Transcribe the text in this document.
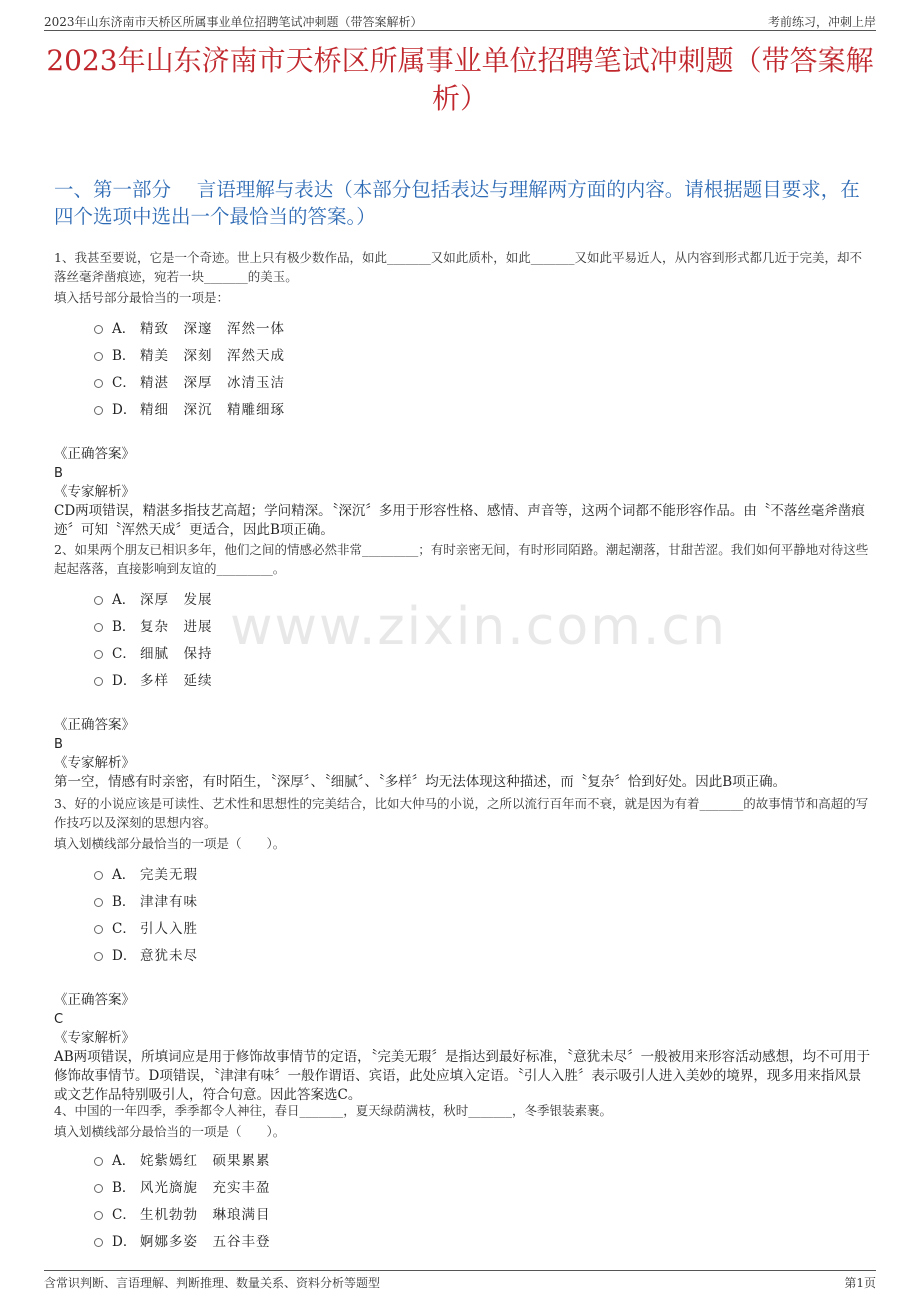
2023年山东济南市天桥区所属事业单位招聘笔试冲刺题（带答案解析）	考前练习，冲刺上岸
2023年山东济南市天桥区所属事业单位招聘笔试冲刺题（带答案解析）
一、第一部分　 言语理解与表达（本部分包括表达与理解两方面的内容。请根据题目要求，在四个选项中选出一个最恰当的答案。）
www.zixin.com.cn
1、我甚至要说，它是一个奇迹。世上只有极少数作品，如此_______又如此质朴，如此_______又如此平易近人，从内容到形式都几近于完美，却不落丝毫斧凿痕迹，宛若一块_______的美玉。
填入括号部分最恰当的一项是：
A． 精致　深邃　浑然一体
B． 精美　深刻　浑然天成
C． 精湛　深厚　冰清玉洁
D． 精细　深沉　精雕细琢
《正确答案》
B
《专家解析》
CD两项错误，精湛多指技艺高超；学问精深。〝深沉〞多用于形容性格、感情、声音等，这两个词都不能形容作品。由〝不落丝毫斧凿痕迹〞可知〝浑然天成〞更适合，因此B项正确。
2、如果两个朋友已相识多年，他们之间的情感必然非常_________；有时亲密无间，有时形同陌路。潮起潮落，甘甜苦涩。我们如何平静地对待这些起起落落，直接影响到友谊的_________。
A． 深厚　发展
B． 复杂　进展
C． 细腻　保持
D． 多样　延续
《正确答案》
B
《专家解析》
第一空，情感有时亲密，有时陌生，〝深厚〞、〝细腻〞、〝多样〞均无法体现这种描述，而〝复杂〞恰到好处。因此B项正确。
3、好的小说应该是可读性、艺术性和思想性的完美结合，比如大仲马的小说，之所以流行百年而不衰，就是因为有着_______的故事情节和高超的写作技巧以及深刻的思想内容。
填入划横线部分最恰当的一项是（　　）。
A． 完美无瑕
B． 津津有味
C． 引人入胜
D． 意犹未尽
《正确答案》
C
《专家解析》
AB两项错误，所填词应是用于修饰故事情节的定语，〝完美无瑕〞是指达到最好标准，〝意犹未尽〞一般被用来形容活动感想，均不可用于修饰故事情节。D项错误，〝津津有味〞一般作谓语、宾语，此处应填入定语。〝引人入胜〞表示吸引人进入美妙的境界，现多用来指风景或文艺作品特别吸引人，符合句意。因此答案选C。
4、中国的一年四季，季季都令人神往，春日_______，夏天绿荫满枝，秋时_______，冬季银装素裹。
填入划横线部分最恰当的一项是（　　）。
A． 姹紫嫣红　硕果累累
B． 风光旖旎　充实丰盈
C． 生机勃勃　琳琅满目
D． 婀娜多姿　五谷丰登
含常识判断、言语理解、判断推理、数量关系、资料分析等题型	第1页
